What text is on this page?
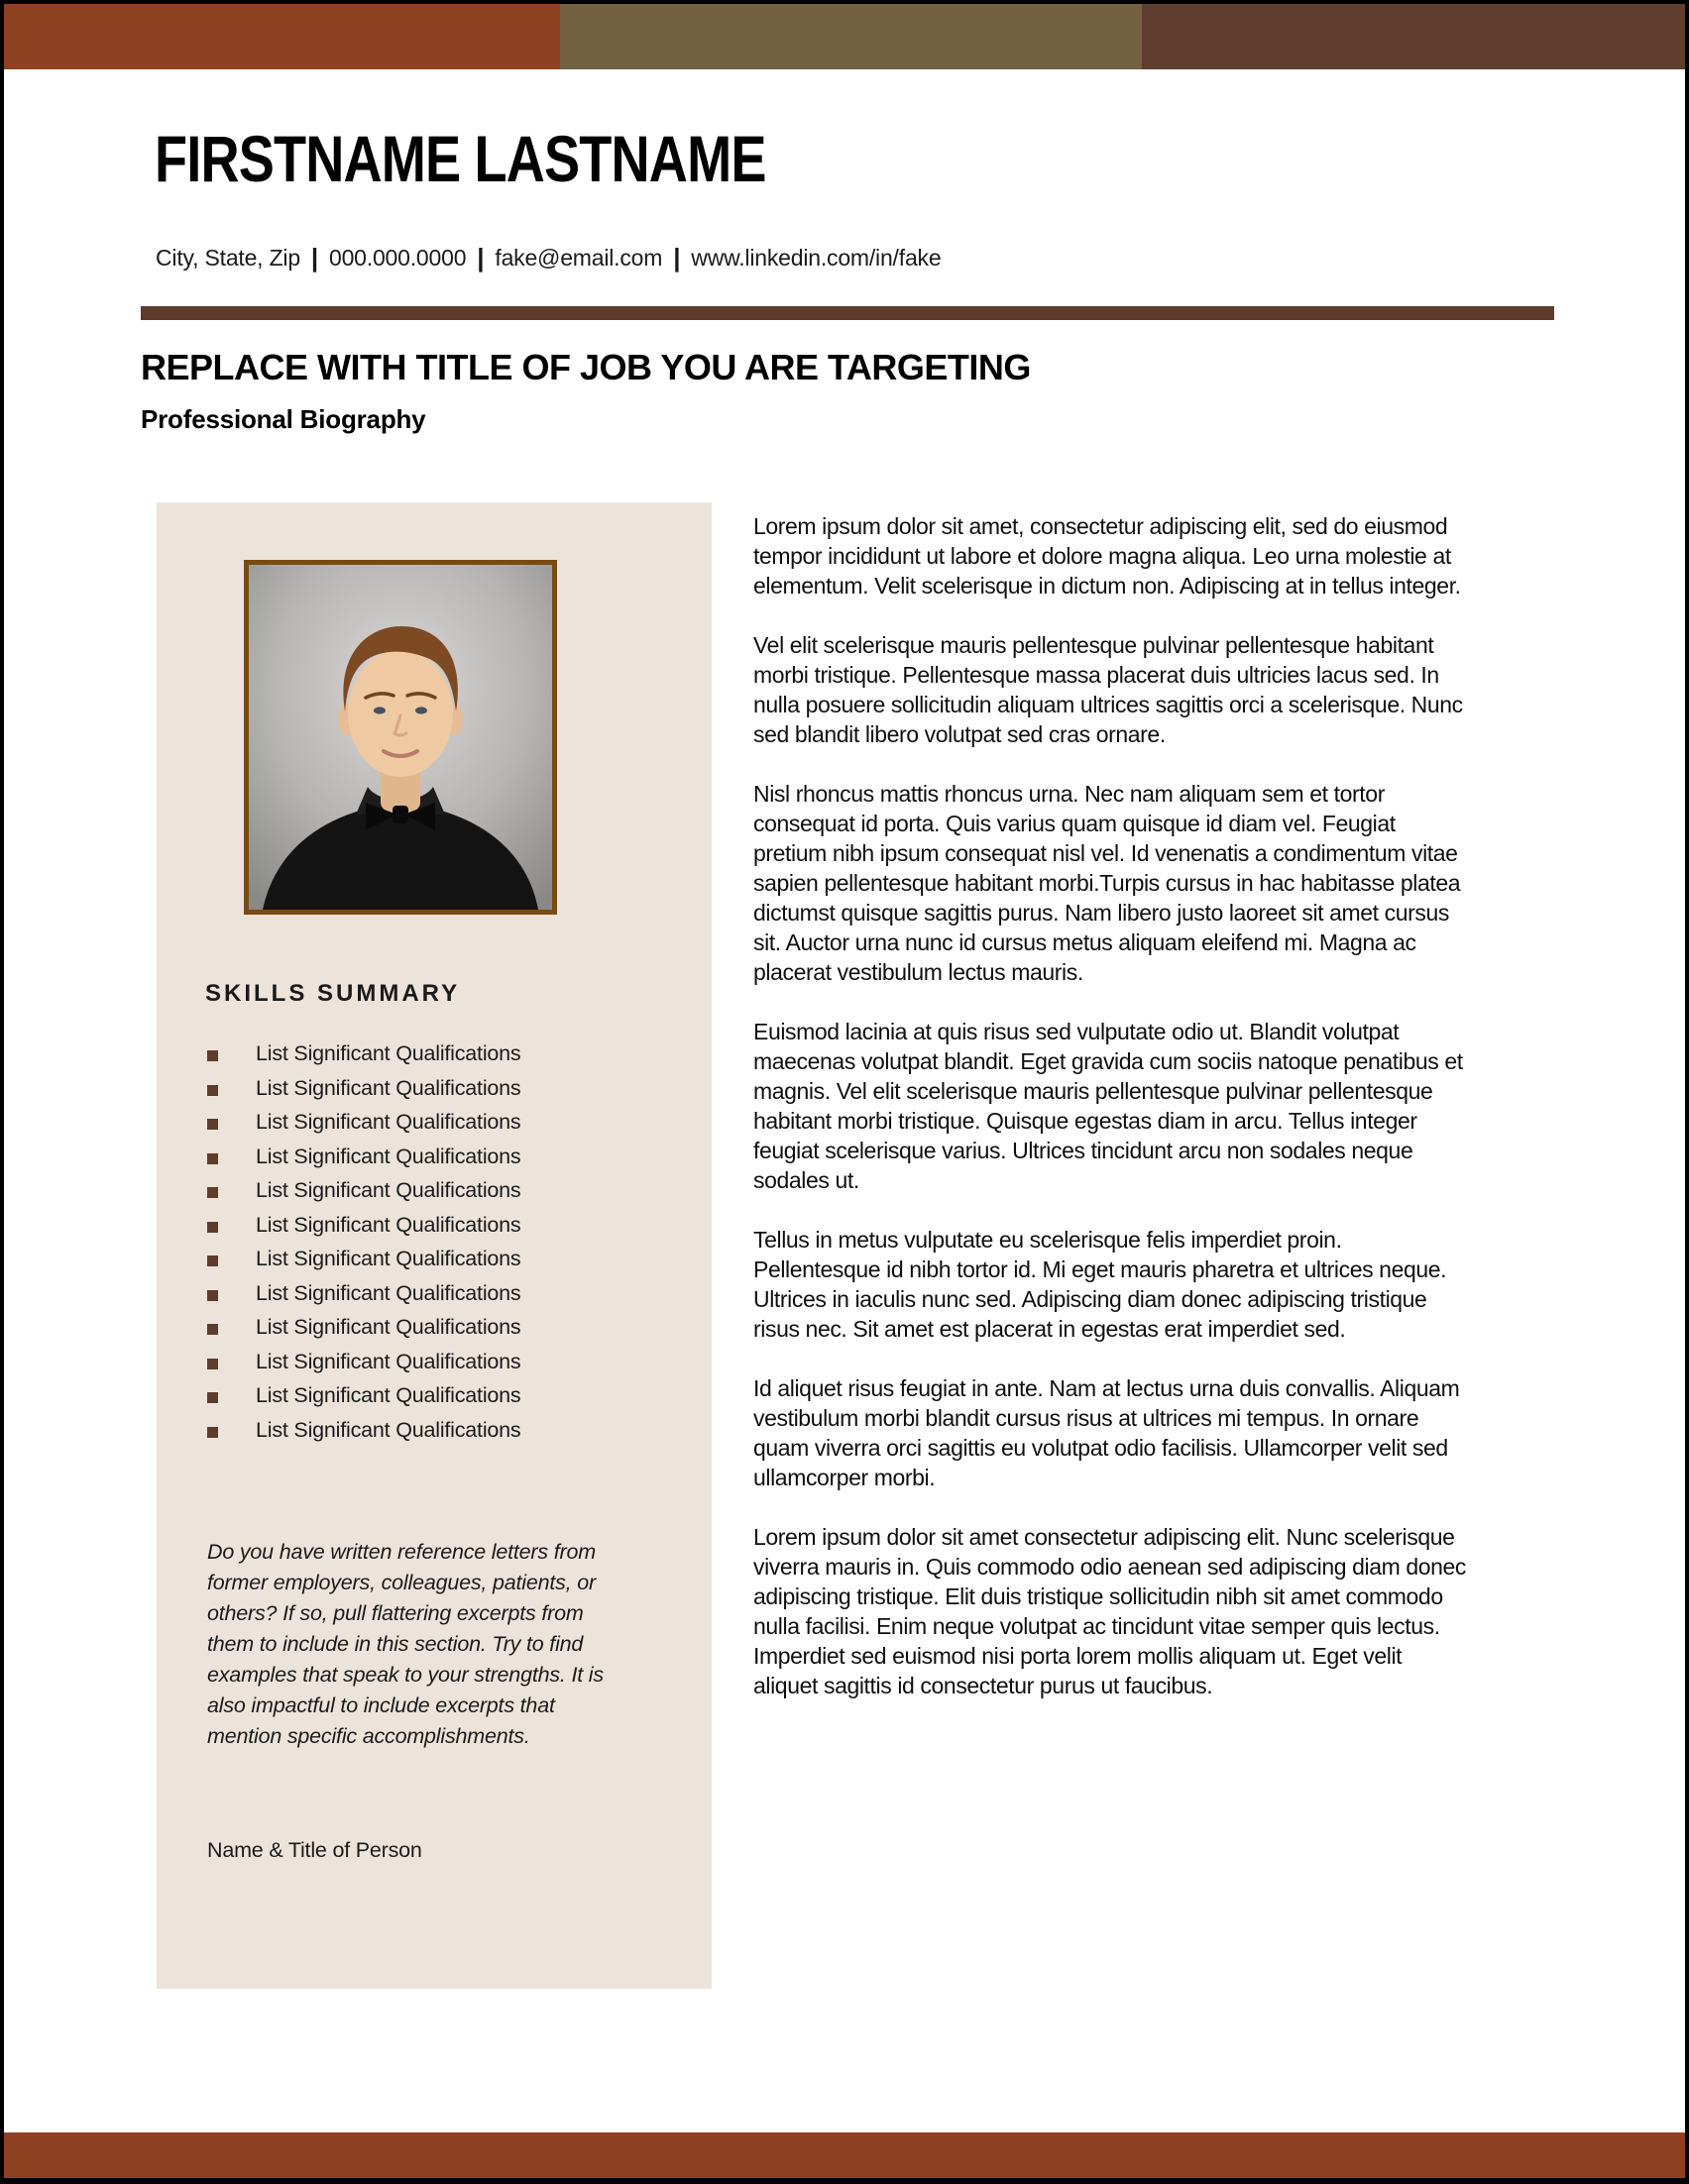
FIRSTNAME LASTNAME
City, State, Zip | 000.000.0000 | fake@email.com | www.linkedin.com/in/fake
REPLACE WITH TITLE OF JOB YOU ARE TARGETING
Professional Biography
SKILLS SUMMARY
List Significant Qualifications
List Significant Qualifications
List Significant Qualifications
List Significant Qualifications
List Significant Qualifications
List Significant Qualifications
List Significant Qualifications
List Significant Qualifications
List Significant Qualifications
List Significant Qualifications
List Significant Qualifications
List Significant Qualifications

Do you have written reference letters from former employers, colleagues, patients, or others? If so, pull flattering excerpts from them to include in this section. Try to find examples that speak to your strengths. It is also impactful to include excerpts that mention specific accomplishments.

Name & Title of Person

Lorem ipsum dolor sit amet, consectetur adipiscing elit, sed do eiusmod tempor incididunt ut labore et dolore magna aliqua. Leo urna molestie at elementum. Velit scelerisque in dictum non. Adipiscing at in tellus integer.

Vel elit scelerisque mauris pellentesque pulvinar pellentesque habitant morbi tristique. Pellentesque massa placerat duis ultricies lacus sed. In nulla posuere sollicitudin aliquam ultrices sagittis orci a scelerisque. Nunc sed blandit libero volutpat sed cras ornare.

Nisl rhoncus mattis rhoncus urna. Nec nam aliquam sem et tortor consequat id porta. Quis varius quam quisque id diam vel. Feugiat pretium nibh ipsum consequat nisl vel. Id venenatis a condimentum vitae sapien pellentesque habitant morbi.Turpis cursus in hac habitasse platea dictumst quisque sagittis purus. Nam libero justo laoreet sit amet cursus sit. Auctor urna nunc id cursus metus aliquam eleifend mi. Magna ac placerat vestibulum lectus mauris.

Euismod lacinia at quis risus sed vulputate odio ut. Blandit volutpat maecenas volutpat blandit. Eget gravida cum sociis natoque penatibus et magnis. Vel elit scelerisque mauris pellentesque pulvinar pellentesque habitant morbi tristique. Quisque egestas diam in arcu. Tellus integer feugiat scelerisque varius. Ultrices tincidunt arcu non sodales neque sodales ut.

Tellus in metus vulputate eu scelerisque felis imperdiet proin. Pellentesque id nibh tortor id. Mi eget mauris pharetra et ultrices neque. Ultrices in iaculis nunc sed. Adipiscing diam donec adipiscing tristique risus nec. Sit amet est placerat in egestas erat imperdiet sed.

Id aliquet risus feugiat in ante. Nam at lectus urna duis convallis. Aliquam vestibulum morbi blandit cursus risus at ultrices mi tempus. In ornare quam viverra orci sagittis eu volutpat odio facilisis. Ullamcorper velit sed ullamcorper morbi.

Lorem ipsum dolor sit amet consectetur adipiscing elit. Nunc scelerisque viverra mauris in. Quis commodo odio aenean sed adipiscing diam donec adipiscing tristique. Elit duis tristique sollicitudin nibh sit amet commodo nulla facilisi. Enim neque volutpat ac tincidunt vitae semper quis lectus. Imperdiet sed euismod nisi porta lorem mollis aliquam ut. Eget velit aliquet sagittis id consectetur purus ut faucibus.
